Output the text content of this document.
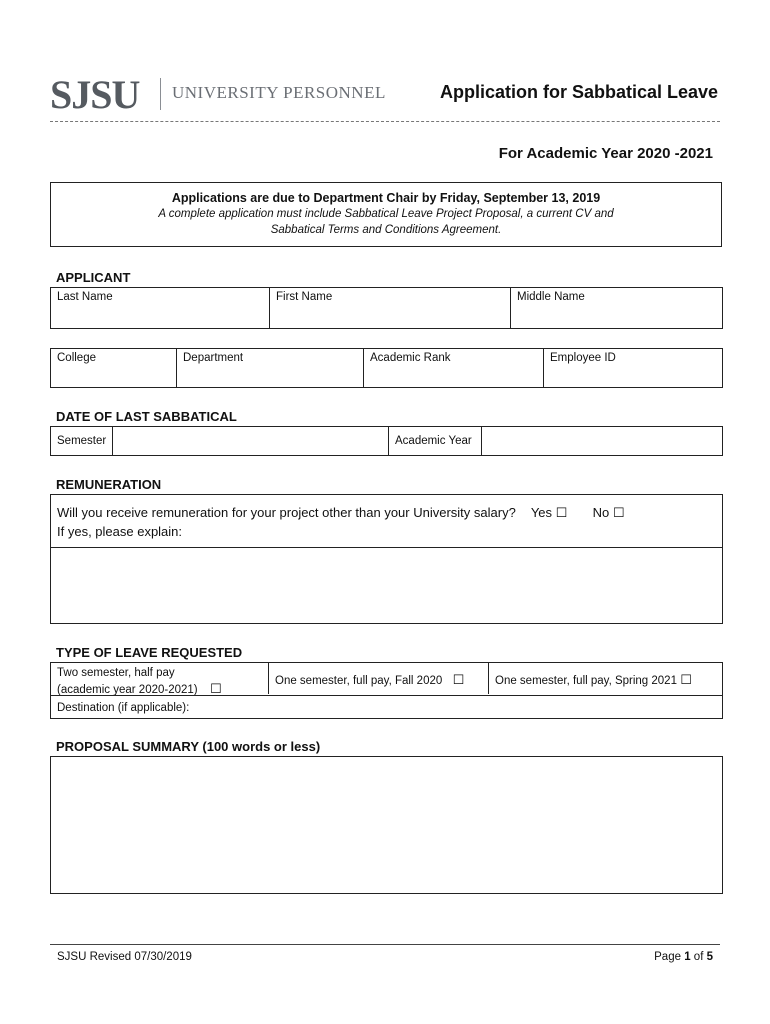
SJSU UNIVERSITY PERSONNEL	Application for Sabbatical Leave
For Academic Year 2020 -2021
Applications are due to Department Chair by Friday, September 13, 2019
A complete application must include Sabbatical Leave Project Proposal, a current CV and
Sabbatical Terms and Conditions Agreement.
APPLICANT
Last Name	First Name	Middle Name
College	Department	Academic Rank	Employee ID
DATE OF LAST SABBATICAL
Semester	Academic Year
REMUNERATION
Will you receive remuneration for your project other than your University salary? Yes ☐ No ☐
If yes, please explain:
TYPE OF LEAVE REQUESTED
Two semester, half pay
(academic year 2020-2021) ☐	One semester, full pay, Fall 2020 ☐	One semester, full pay, Spring 2021 ☐
Destination (if applicable):
PROPOSAL SUMMARY (100 words or less)
SJSU Revised 07/30/2019	Page 1 of 5
